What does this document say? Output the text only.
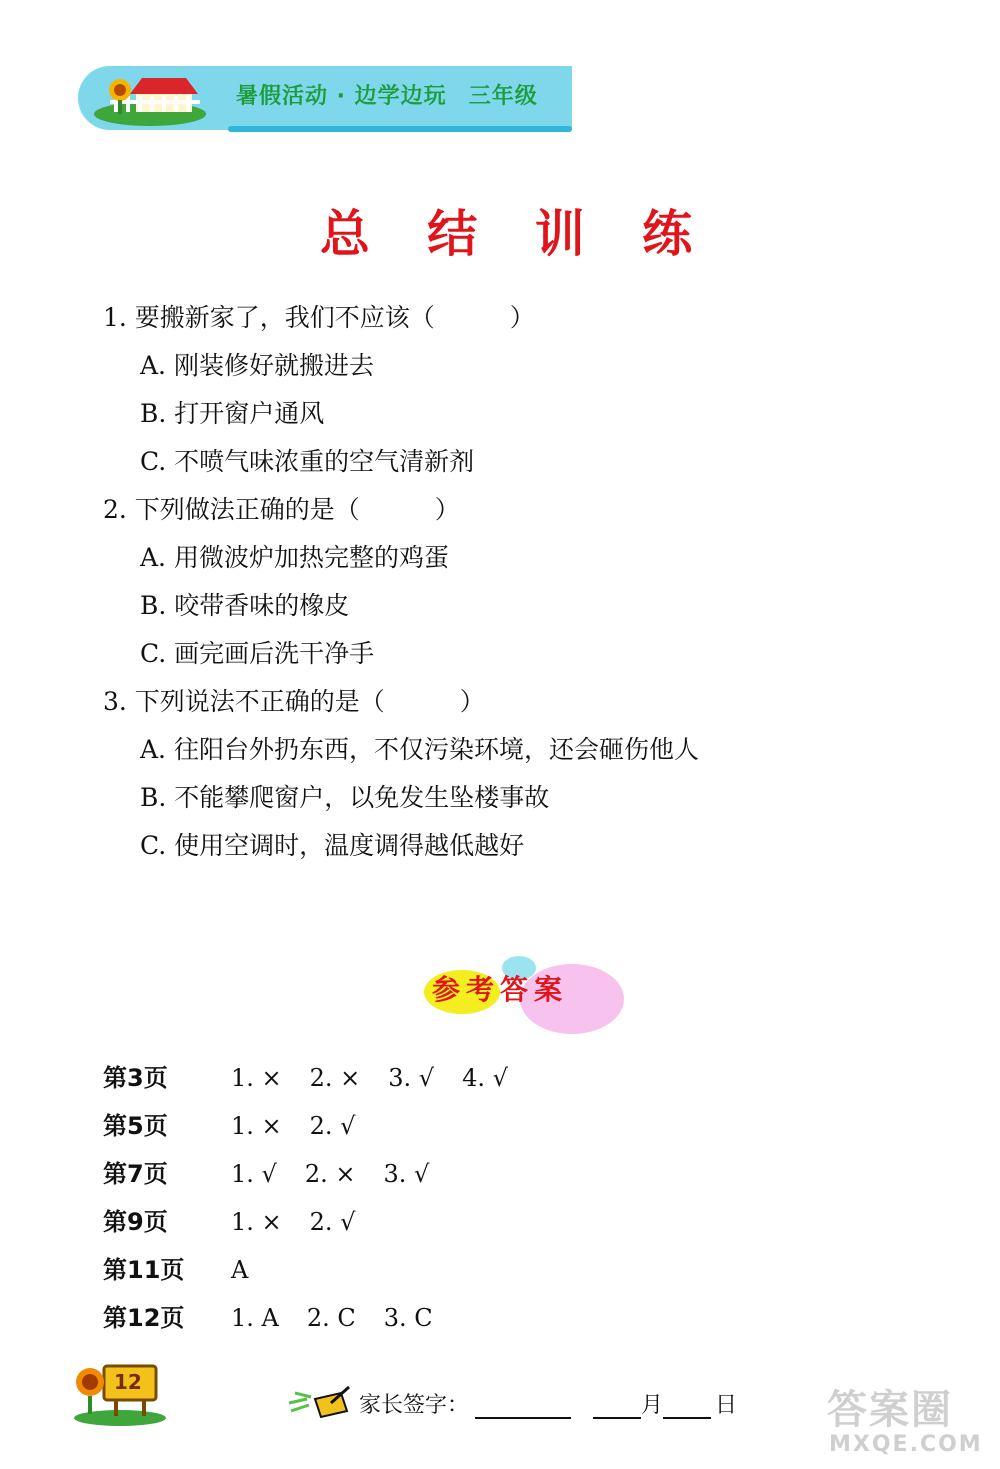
暑假活动 · 边学边玩 三年级
总 结 训 练
1. 要搬新家了，我们不应该（　　　）
A. 刚装修好就搬进去
B. 打开窗户通风
C. 不喷气味浓重的空气清新剂
2. 下列做法正确的是（　　　）
A. 用微波炉加热完整的鸡蛋
B. 咬带香味的橡皮
C. 画完画后洗干净手
3. 下列说法不正确的是（　　　）
A. 往阳台外扔东西，不仅污染环境，还会砸伤他人
B. 不能攀爬窗户，以免发生坠楼事故
C. 使用空调时，温度调得越低越好
参考答案
第3页	1. × 2. × 3. √ 4. √
第5页	1. × 2. √
第7页	1. √ 2. × 3. √
第9页	1. × 2. √
第11页	A
第12页	1. A 2. C 3. C
12
家长签字：	月 日 答案圈
MXQE.COM
